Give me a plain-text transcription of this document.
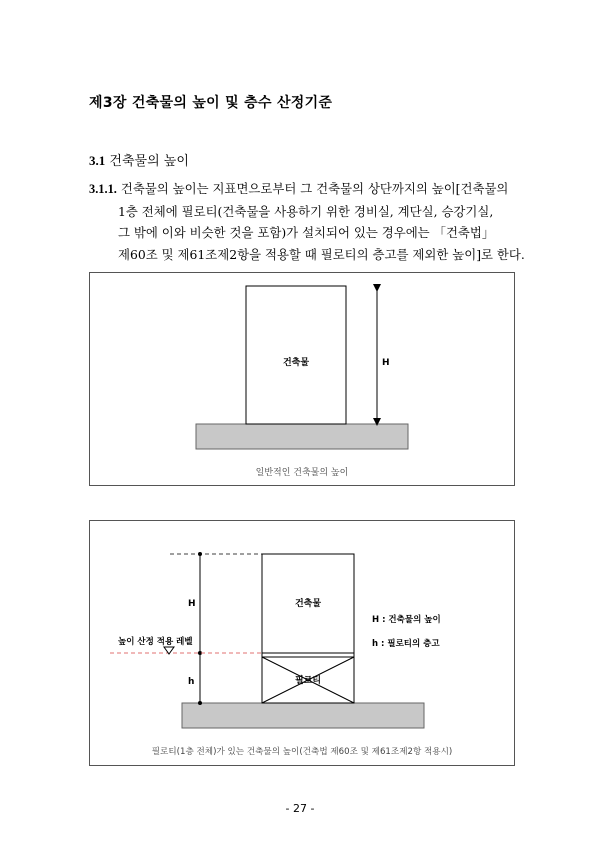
제3장 건축물의 높이 및 층수 산정기준
3.1 건축물의 높이
3.1.1. 건축물의 높이는 지표면으로부터 그 건축물의 상단까지의 높이[건축물의
1층 전체에 필로티(건축물을 사용하기 위한 경비실, 계단실, 승강기실,
그 밖에 이와 비슷한 것을 포함)가 설치되어 있는 경우에는 「건축법」
제60조 및 제61조제2항을 적용할 때 필로티의 층고를 제외한 높이]로 한다.
건축물	H
일반적인 건축물의 높이
높이 산정 적용 레벨
H
h
건축물
필로티
H : 건축물의 높이
h : 필로티의 층고
필로티(1층 전체)가 있는 건축물의 높이(건축법 제60조 및 제61조제2항 적용시)
- 27 -
